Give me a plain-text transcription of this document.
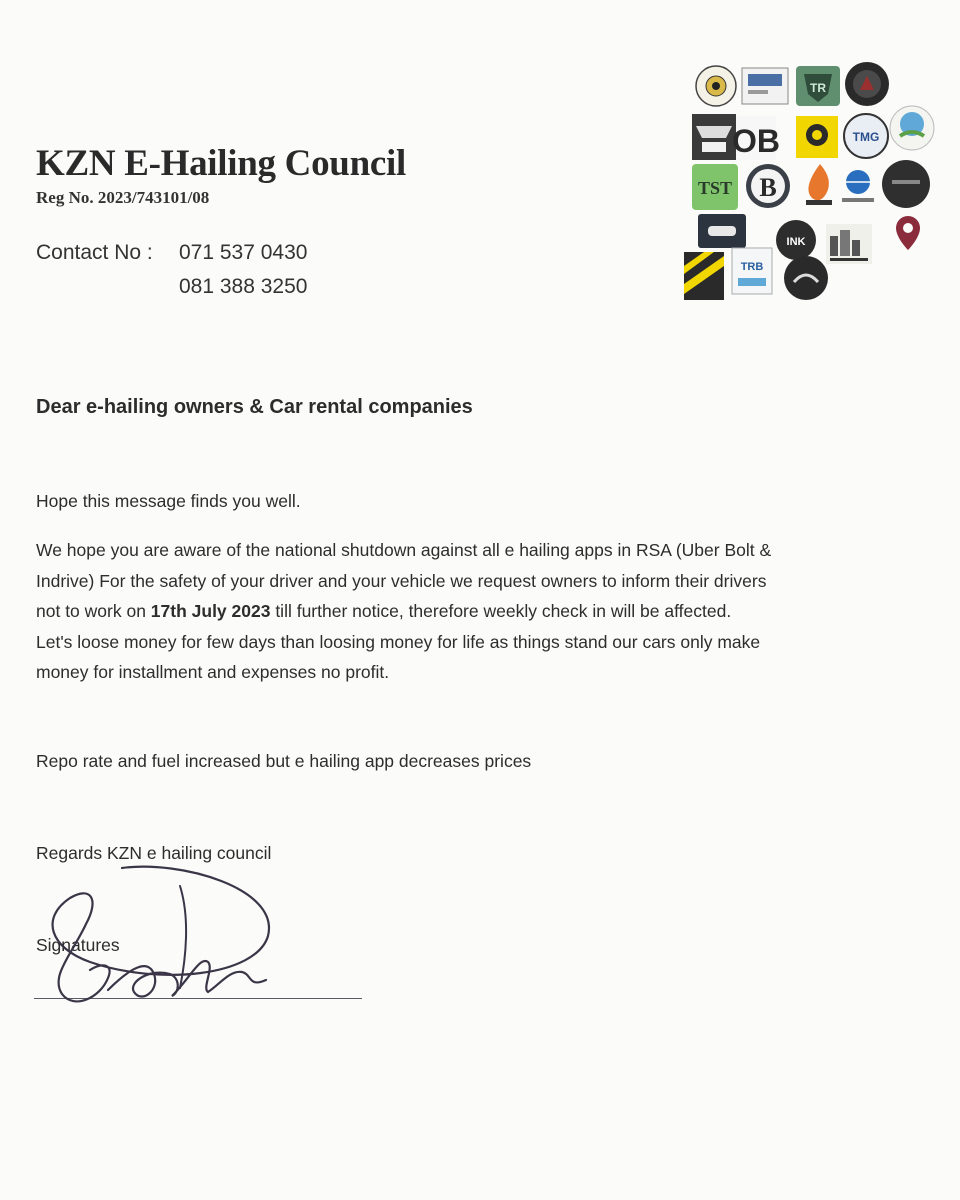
KZN E-Hailing Council
Reg No. 2023/743101/08
Contact No : 071 537 0430
081 388 3250
TR
OB	TMG
TST B
INK
TRB
Dear e-hailing owners & Car rental companies
Hope this message finds you well.
We hope you are aware of the national shutdown against all e hailing apps in RSA (Uber Bolt &
Indrive) For the safety of your driver and your vehicle we request owners to inform their drivers
not to work on 17th July 2023 till further notice, therefore weekly check in will be affected.
Let's loose money for few days than loosing money for life as things stand our cars only make
money for installment and expenses no profit.
Repo rate and fuel increased but e hailing app decreases prices
Regards KZN e hailing council
Signatures
